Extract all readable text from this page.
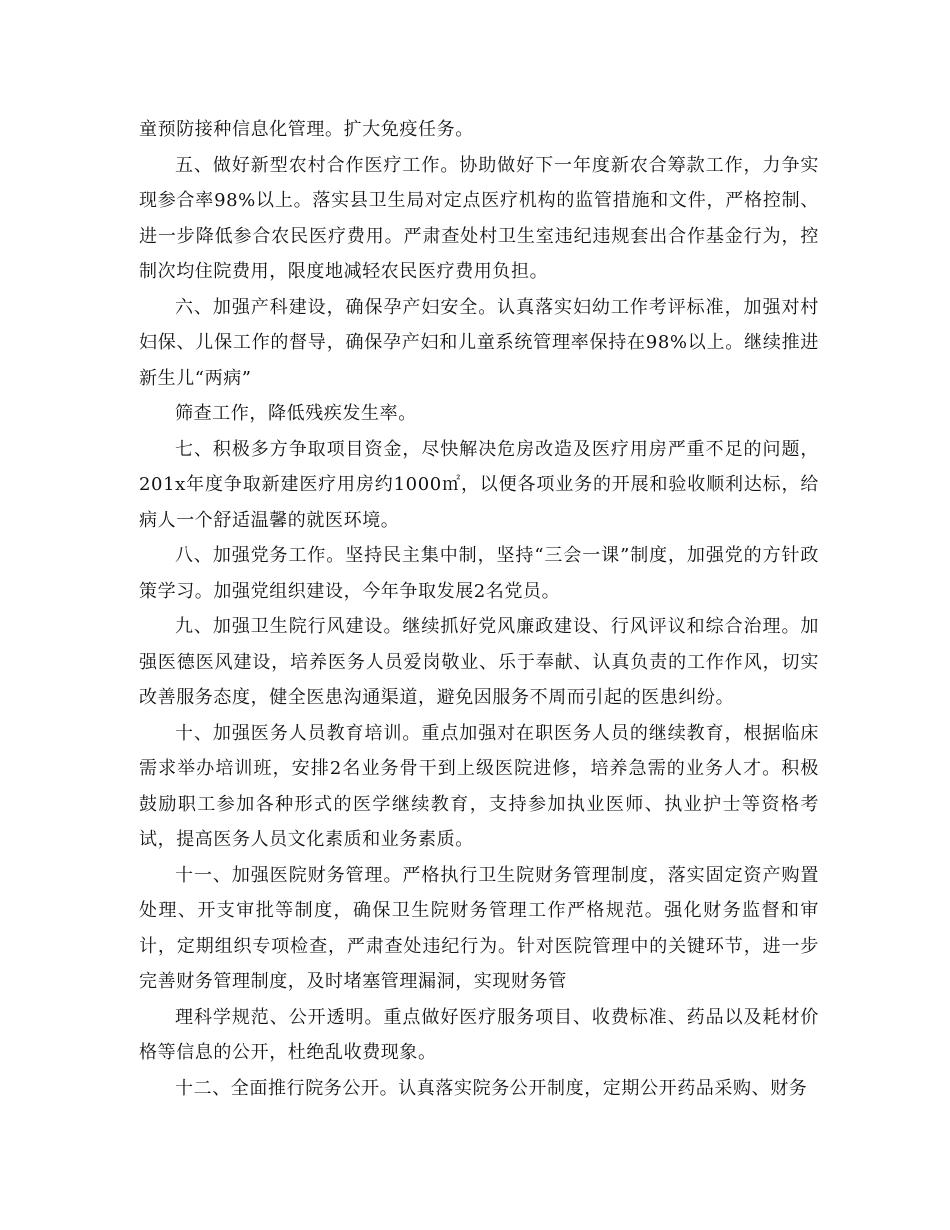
童预防接种信息化管理。扩大免疫任务。

五、做好新型农村合作医疗工作。协助做好下一年度新农合筹款工作，力争实现参合率98%以上。落实县卫生局对定点医疗机构的监管措施和文件，严格控制、进一步降低参合农民医疗费用。严肃查处村卫生室违纪违规套出合作基金行为，控制次均住院费用，限度地减轻农民医疗费用负担。

六、加强产科建设，确保孕产妇安全。认真落实妇幼工作考评标准，加强对村妇保、儿保工作的督导，确保孕产妇和儿童系统管理率保持在98%以上。继续推进新生儿“两病”

筛查工作，降低残疾发生率。

七、积极多方争取项目资金，尽快解决危房改造及医疗用房严重不足的问题，201x年度争取新建医疗用房约1000㎡，以便各项业务的开展和验收顺利达标，给病人一个舒适温馨的就医环境。

八、加强党务工作。坚持民主集中制，坚持“三会一课”制度，加强党的方针政策学习。加强党组织建设，今年争取发展2名党员。

九、加强卫生院行风建设。继续抓好党风廉政建设、行风评议和综合治理。加强医德医风建设，培养医务人员爱岗敬业、乐于奉献、认真负责的工作作风，切实改善服务态度，健全医患沟通渠道，避免因服务不周而引起的医患纠纷。

十、加强医务人员教育培训。重点加强对在职医务人员的继续教育，根据临床需求举办培训班，安排2名业务骨干到上级医院进修，培养急需的业务人才。积极鼓励职工参加各种形式的医学继续教育，支持参加执业医师、执业护士等资格考试，提高医务人员文化素质和业务素质。

十一、加强医院财务管理。严格执行卫生院财务管理制度，落实固定资产购置处理、开支审批等制度，确保卫生院财务管理工作严格规范。强化财务监督和审计，定期组织专项检查，严肃查处违纪行为。针对医院管理中的关键环节，进一步完善财务管理制度，及时堵塞管理漏洞，实现财务管

理科学规范、公开透明。重点做好医疗服务项目、收费标准、药品以及耗材价格等信息的公开，杜绝乱收费现象。

十二、全面推行院务公开。认真落实院务公开制度，定期公开药品采购、财务
